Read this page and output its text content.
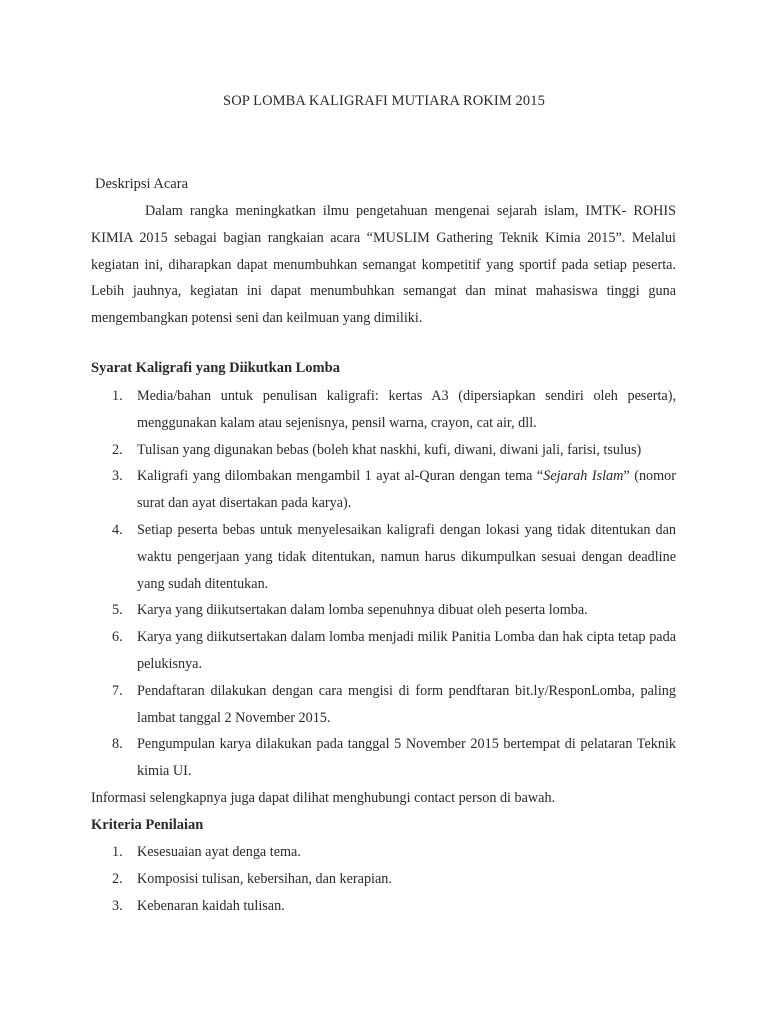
SOP LOMBA KALIGRAFI MUTIARA ROKIM 2015
Deskripsi Acara

Dalam rangka meningkatkan ilmu pengetahuan mengenai sejarah islam, IMTK- ROHIS KIMIA 2015 sebagai bagian rangkaian acara “MUSLIM Gathering Teknik Kimia 2015”. Melalui kegiatan ini, diharapkan dapat menumbuhkan semangat kompetitif yang sportif pada setiap peserta. Lebih jauhnya, kegiatan ini dapat menumbuhkan semangat dan minat mahasiswa tinggi guna mengembangkan potensi seni dan keilmuan yang dimiliki.

Syarat Kaligrafi yang Diikutkan Lomba
1. Media/bahan untuk penulisan kaligrafi: kertas A3 (dipersiapkan sendiri oleh peserta), menggunakan kalam atau sejenisnya, pensil warna, crayon, cat air, dll.
2. Tulisan yang digunakan bebas (boleh khat naskhi, kufi, diwani, diwani jali, farisi, tsulus)
3. Kaligrafi yang dilombakan mengambil 1 ayat al-Quran dengan tema “Sejarah Islam” (nomor surat dan ayat disertakan pada karya).
4. Setiap peserta bebas untuk menyelesaikan kaligrafi dengan lokasi yang tidak ditentukan dan waktu pengerjaan yang tidak ditentukan, namun harus dikumpulkan sesuai dengan deadline yang sudah ditentukan.
5. Karya yang diikutsertakan dalam lomba sepenuhnya dibuat oleh peserta lomba.
6. Karya yang diikutsertakan dalam lomba menjadi milik Panitia Lomba dan hak cipta tetap pada pelukisnya.
7. Pendaftaran dilakukan dengan cara mengisi di form pendftaran bit.ly/ResponLomba, paling lambat tanggal 2 November 2015.
8. Pengumpulan karya dilakukan pada tanggal 5 November 2015 bertempat di pelataran Teknik kimia UI.
Informasi selengkapnya juga dapat dilihat menghubungi contact person di bawah.
Kriteria Penilaian
1. Kesesuaian ayat denga tema.
2. Komposisi tulisan, kebersihan, dan kerapian.
3. Kebenaran kaidah tulisan.
